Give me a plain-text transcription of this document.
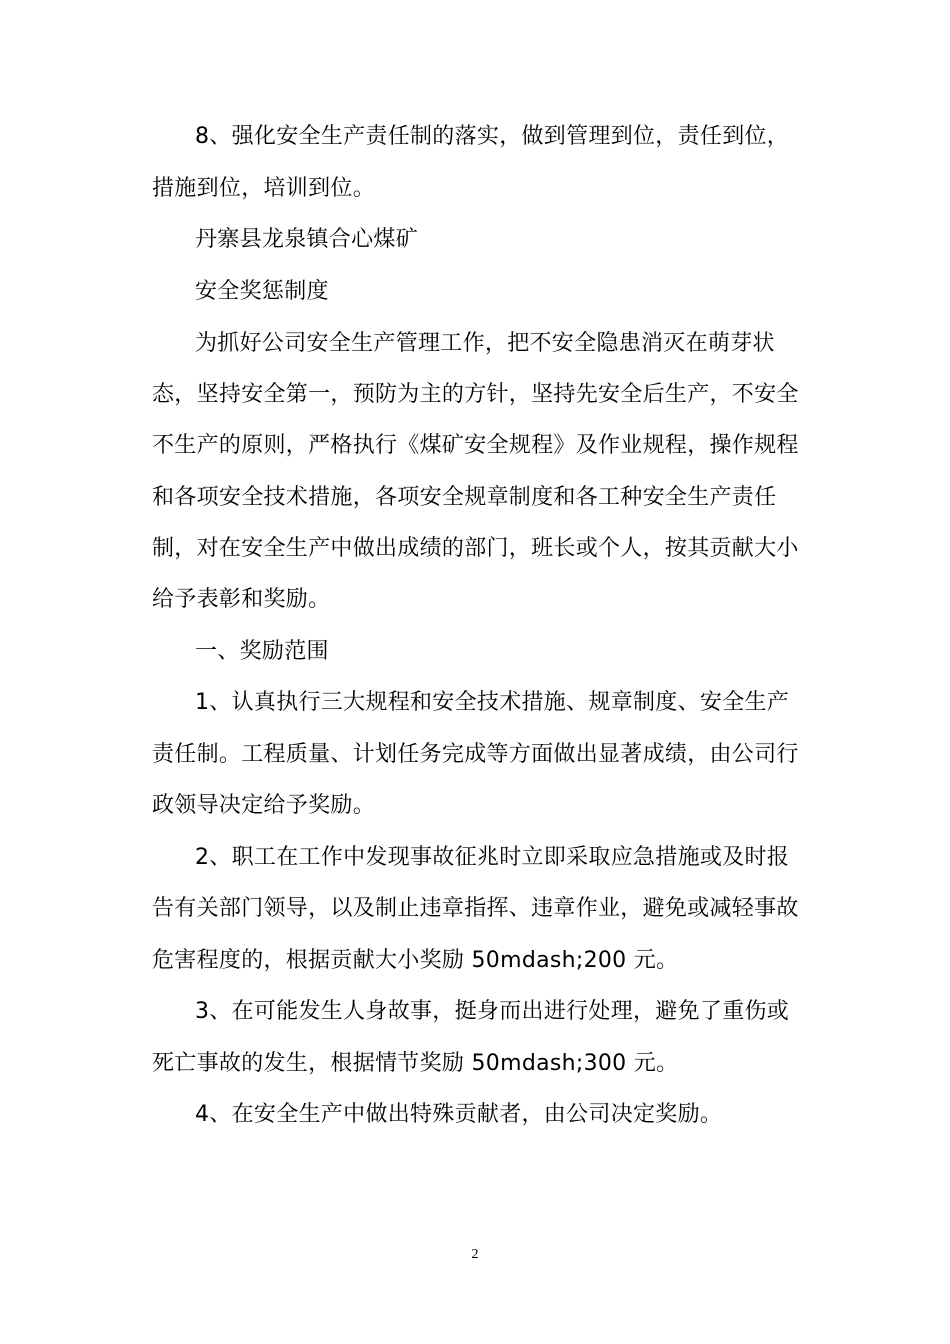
8、强化安全生产责任制的落实，做到管理到位，责任到位，
措施到位，培训到位。
丹寨县龙泉镇合心煤矿
安全奖惩制度
为抓好公司安全生产管理工作，把不安全隐患消灭在萌芽状
态，坚持安全第一，预防为主的方针，坚持先安全后生产，不安全
不生产的原则，严格执行《煤矿安全规程》及作业规程，操作规程
和各项安全技术措施，各项安全规章制度和各工种安全生产责任
制，对在安全生产中做出成绩的部门，班长或个人，按其贡献大小
给予表彰和奖励。
一、奖励范围
1、认真执行三大规程和安全技术措施、规章制度、安全生产
责任制。工程质量、计划任务完成等方面做出显著成绩，由公司行
政领导决定给予奖励。
2、职工在工作中发现事故征兆时立即采取应急措施或及时报
告有关部门领导，以及制止违章指挥、违章作业，避免或减轻事故
危害程度的，根据贡献大小奖励 50mdash;200 元。
3、在可能发生人身故事，挺身而出进行处理，避免了重伤或
死亡事故的发生，根据情节奖励 50mdash;300 元。
4、在安全生产中做出特殊贡献者，由公司决定奖励。
2
